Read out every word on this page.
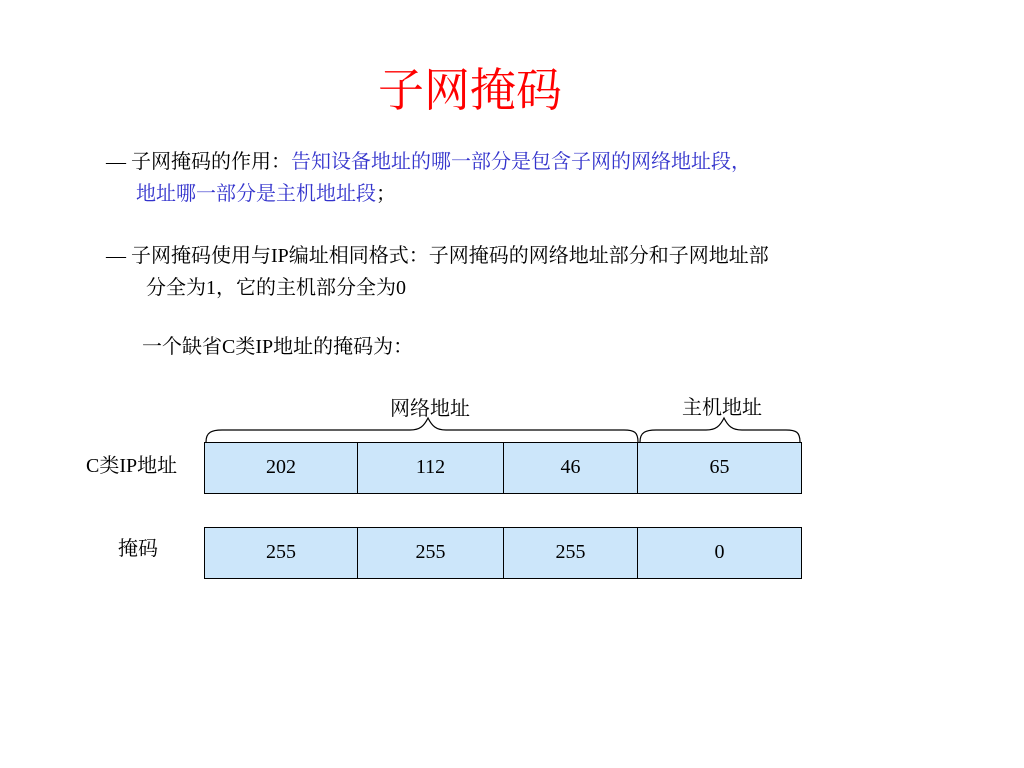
子网掩码
— 子网掩码的作用：告知设备地址的哪一部分是包含子网的网络地址段，
地址哪一部分是主机地址段；
— 子网掩码使用与IP编址相同格式：子网掩码的网络地址部分和子网地址部
分全为1，它的主机部分全为0
一个缺省C类IP地址的掩码为：
网络地址	主机地址
C类IP地址	202	112	46	65
掩码	255	255	255	0
